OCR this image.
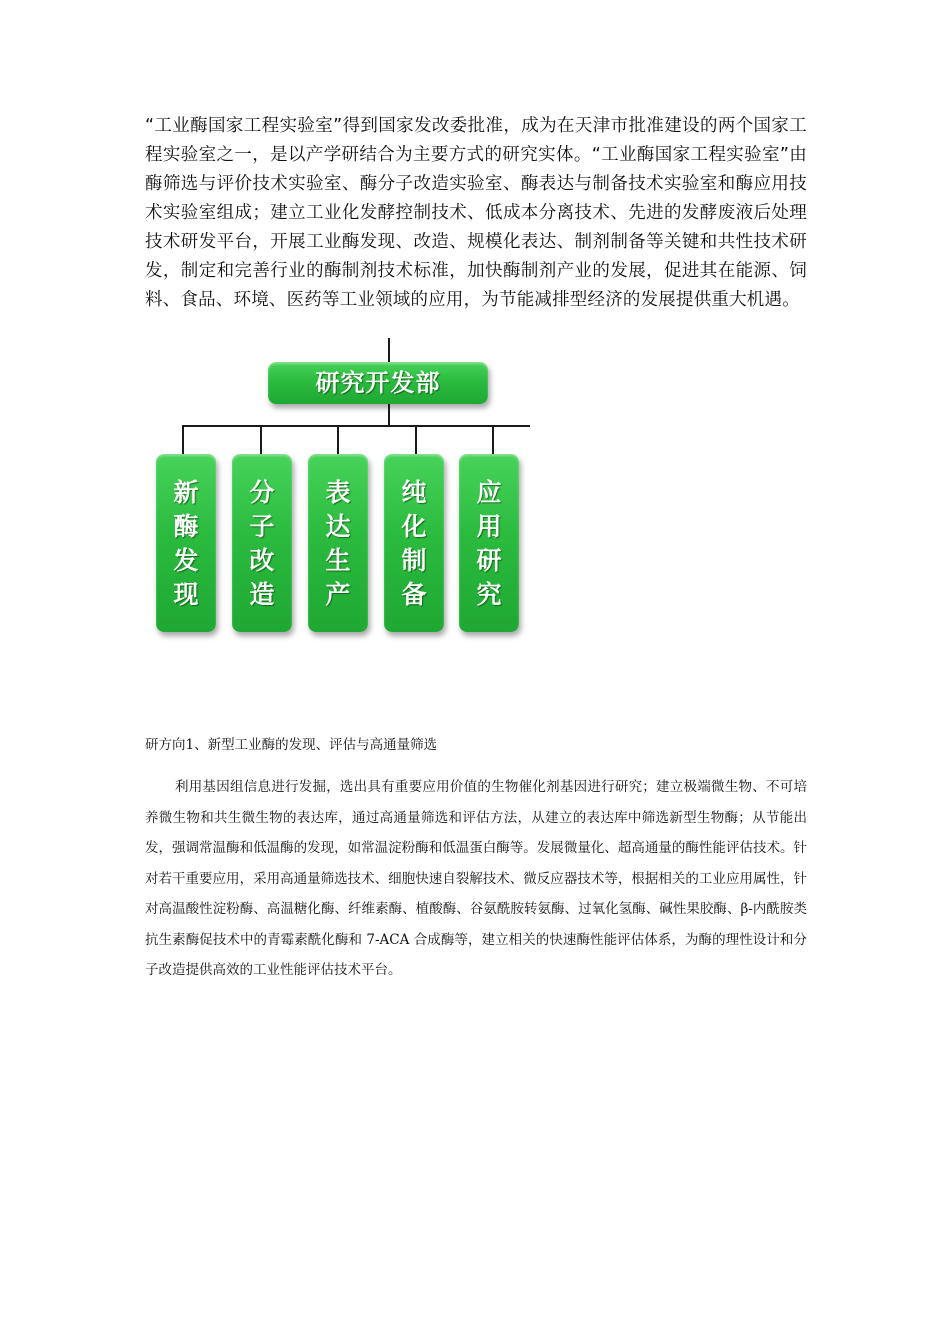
“工业酶国家工程实验室”得到国家发改委批准，成为在天津市批准建设的两个国家工程实验室之一，是以产学研结合为主要方式的研究实体。“工业酶国家工程实验室”由酶筛选与评价技术实验室、酶分子改造实验室、酶表达与制备技术实验室和酶应用技术实验室组成；建立工业化发酵控制技术、低成本分离技术、先进的发酵废液后处理技术研发平台，开展工业酶发现、改造、规模化表达、制剂制备等关键和共性技术研发，制定和完善行业的酶制剂技术标准，加快酶制剂产业的发展，促进其在能源、饲料、食品、环境、医药等工业领域的应用，为节能减排型经济的发展提供重大机遇。

研究开发部
新
酶
发
现
分
子
改
造
表
达
生
产
纯
化
制
备
应
用
研
究

研方向1、新型工业酶的发现、评估与高通量筛选

利用基因组信息进行发掘，选出具有重要应用价值的生物催化剂基因进行研究；建立极端微生物、不可培养微生物和共生微生物的表达库，通过高通量筛选和评估方法，从建立的表达库中筛选新型生物酶；从节能出发，强调常温酶和低温酶的发现，如常温淀粉酶和低温蛋白酶等。发展微量化、超高通量的酶性能评估技术。针对若干重要应用，采用高通量筛选技术、细胞快速自裂解技术、微反应器技术等，根据相关的工业应用属性，针对高温酸性淀粉酶、高温糖化酶、纤维素酶、植酸酶、谷氨酰胺转氨酶、过氧化氢酶、碱性果胶酶、β-内酰胺类抗生素酶促技术中的青霉素酰化酶和 7-ACA 合成酶等，建立相关的快速酶性能评估体系，为酶的理性设计和分子改造提供高效的工业性能评估技术平台。
